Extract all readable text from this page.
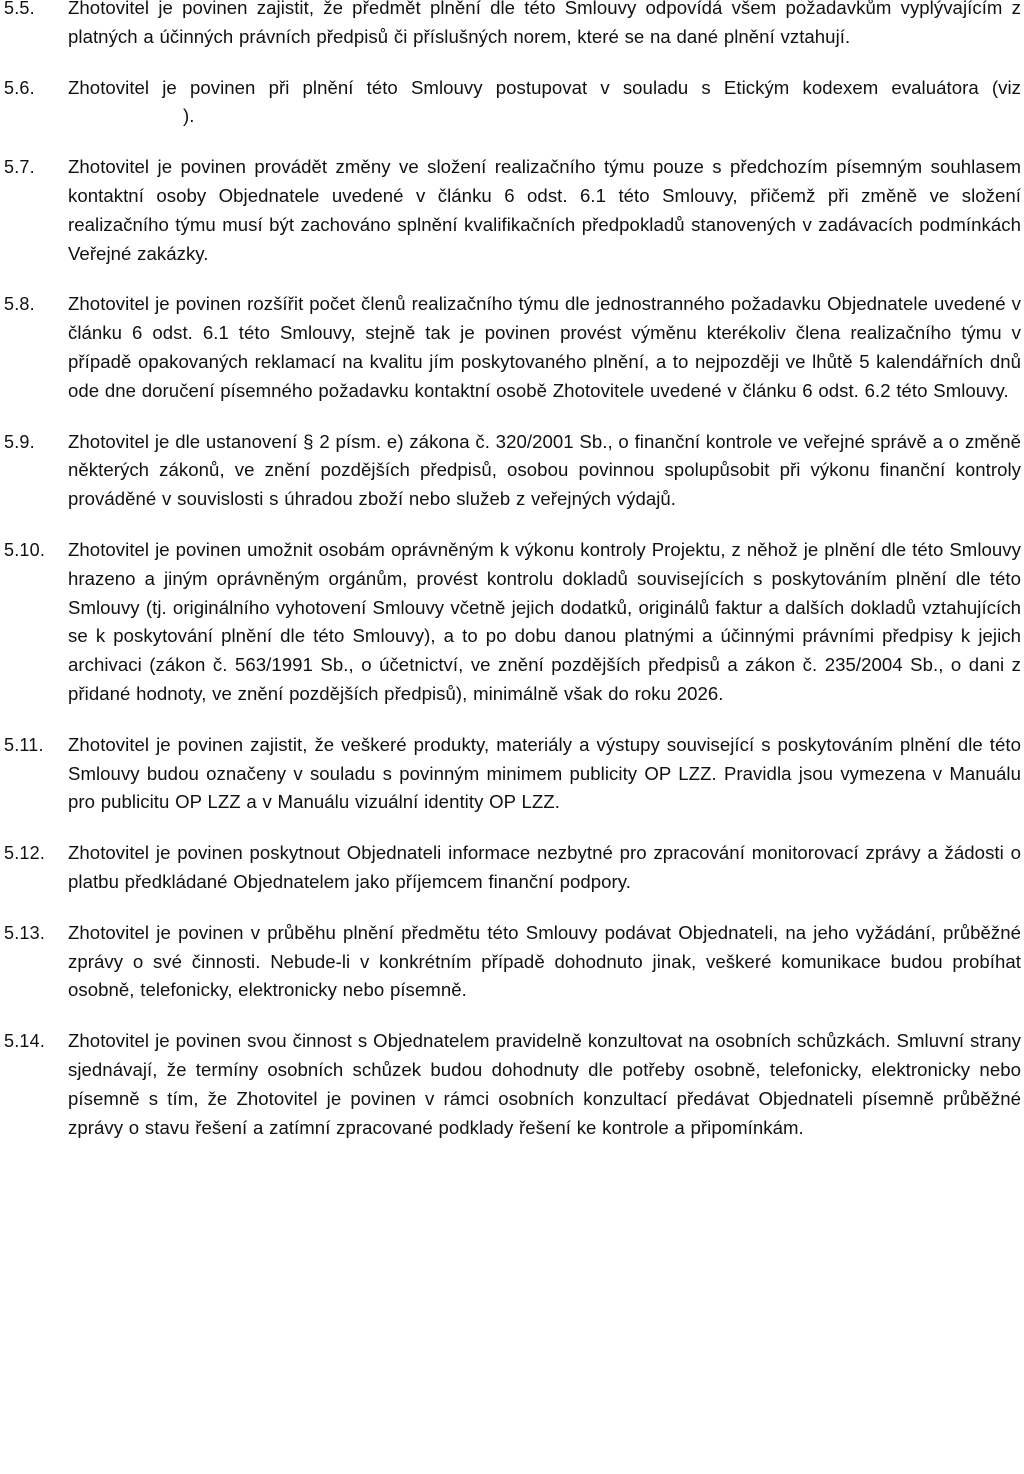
5.5. Zhotovitel je povinen zajistit, že předmět plnění dle této Smlouvy odpovídá všem požadavkům vyplývajícím z platných a účinných právních předpisů či příslušných norem, které se na dané plnění vztahují.
5.6. Zhotovitel je povinen při plnění této Smlouvy postupovat v souladu s Etickým kodexem evaluátora (viz).
5.7. Zhotovitel je povinen provádět změny ve složení realizačního týmu pouze s předchozím písemným souhlasem kontaktní osoby Objednatele uvedené v článku 6 odst. 6.1 této Smlouvy, přičemž při změně ve složení realizačního týmu musí být zachováno splnění kvalifikačních předpokladů stanovených v zadávacích podmínkách Veřejné zakázky.
5.8. Zhotovitel je povinen rozšířit počet členů realizačního týmu dle jednostranného požadavku Objednatele uvedené v článku 6 odst. 6.1 této Smlouvy, stejně tak je povinen provést výměnu kterékoliv člena realizačního týmu v případě opakovaných reklamací na kvalitu jím poskytovaného plnění, a to nejpozději ve lhůtě 5 kalendářních dnů ode dne doručení písemného požadavku kontaktní osobě Zhotovitele uvedené v článku 6 odst. 6.2 této Smlouvy.
5.9. Zhotovitel je dle ustanovení § 2 písm. e) zákona č. 320/2001 Sb., o finanční kontrole ve veřejné správě a o změně některých zákonů, ve znění pozdějších předpisů, osobou povinnou spolupůsobit při výkonu finanční kontroly prováděné v souvislosti s úhradou zboží nebo služeb z veřejných výdajů.
5.10. Zhotovitel je povinen umožnit osobám oprávněným k výkonu kontroly Projektu, z něhož je plnění dle této Smlouvy hrazeno a jiným oprávněným orgánům, provést kontrolu dokladů souvisejících s poskytováním plnění dle této Smlouvy (tj. originálního vyhotovení Smlouvy včetně jejich dodatků, originálů faktur a dalších dokladů vztahujících se k poskytování plnění dle této Smlouvy), a to po dobu danou platnými a účinnými právními předpisy k jejich archivaci (zákon č. 563/1991 Sb., o účetnictví, ve znění pozdějších předpisů a zákon č. 235/2004 Sb., o dani z přidané hodnoty, ve znění pozdějších předpisů), minimálně však do roku 2026.
5.11. Zhotovitel je povinen zajistit, že veškeré produkty, materiály a výstupy související s poskytováním plnění dle této Smlouvy budou označeny v souladu s povinným minimem publicity OP LZZ. Pravidla jsou vymezena v Manuálu pro publicitu OP LZZ a v Manuálu vizuální identity OP LZZ.
5.12. Zhotovitel je povinen poskytnout Objednateli informace nezbytné pro zpracování monitorovací zprávy a žádosti o platbu předkládané Objednatelem jako příjemcem finanční podpory.
5.13. Zhotovitel je povinen v průběhu plnění předmětu této Smlouvy podávat Objednateli, na jeho vyžádání, průběžné zprávy o své činnosti. Nebude-li v konkrétním případě dohodnuto jinak, veškeré komunikace budou probíhat osobně, telefonicky, elektronicky nebo písemně.
5.14. Zhotovitel je povinen svou činnost s Objednatelem pravidelně konzultovat na osobních schůzkách. Smluvní strany sjednávají, že termíny osobních schůzek budou dohodnuty dle potřeby osobně, telefonicky, elektronicky nebo písemně s tím, že Zhotovitel je povinen v rámci osobních konzultací předávat Objednateli písemně průběžné zprávy o stavu řešení a zatímní zpracované podklady řešení ke kontrole a připomínkám.
